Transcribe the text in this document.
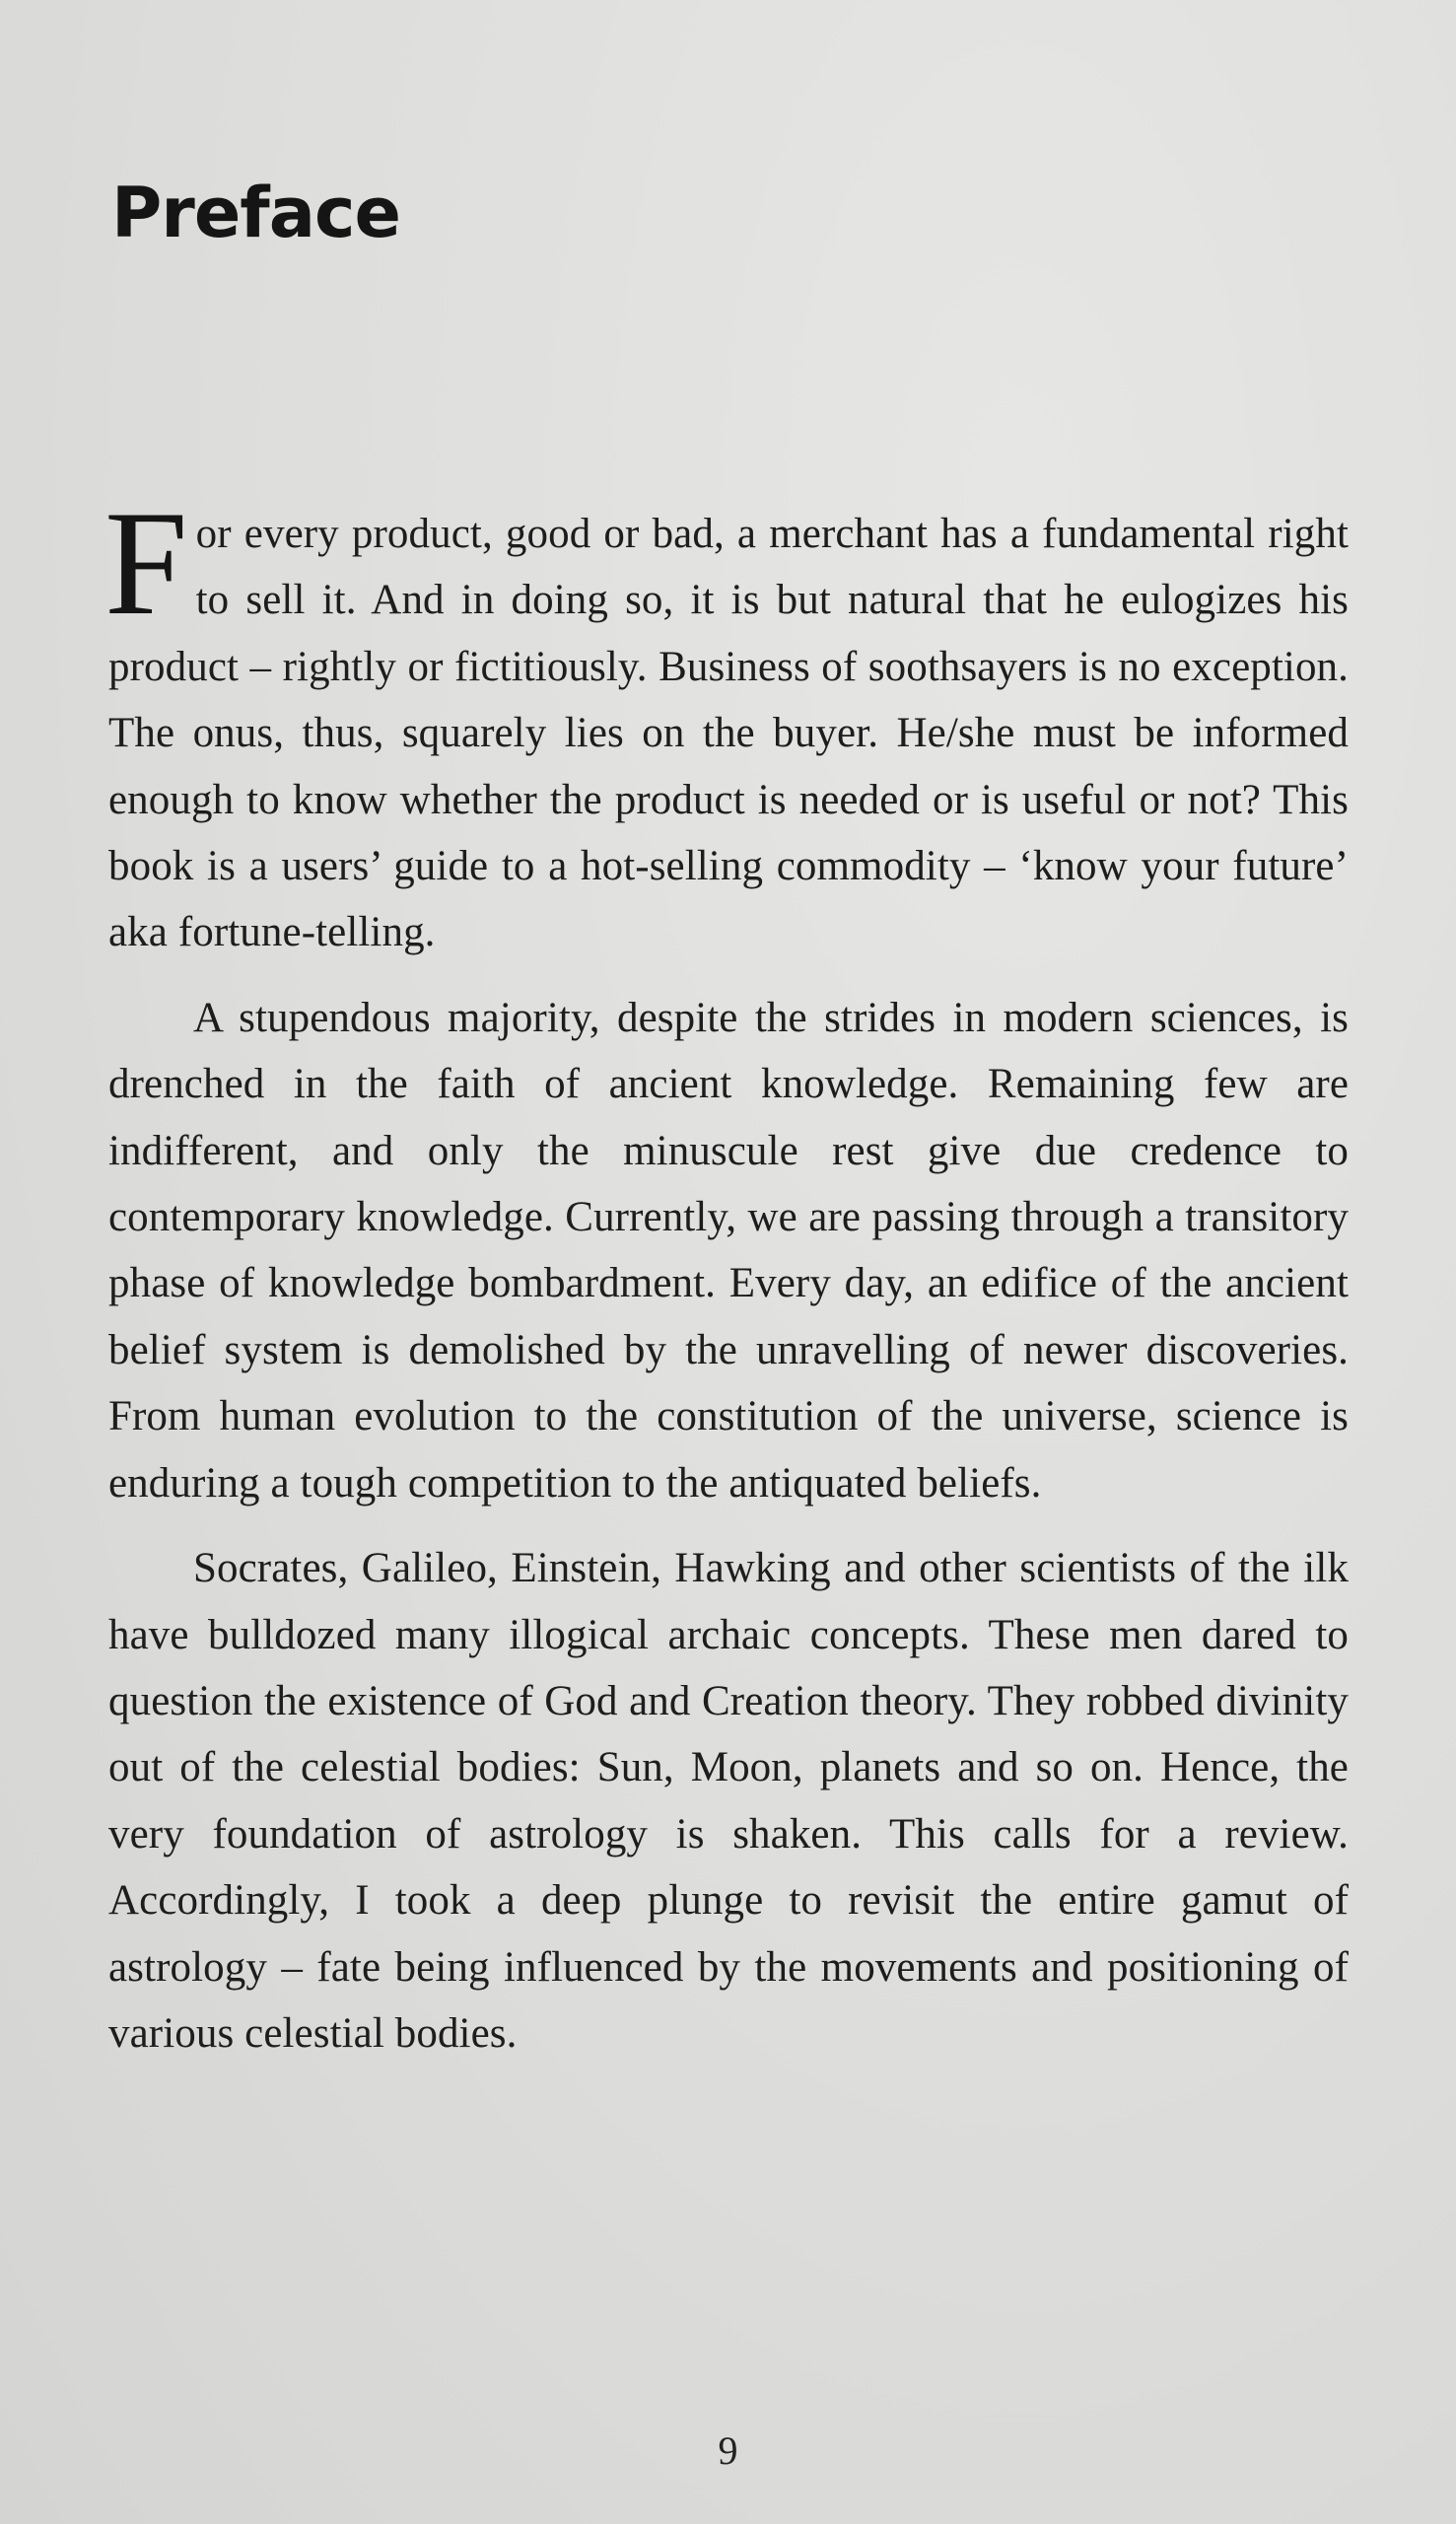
Preface

For every product, good or bad, a merchant has a fundamental right to sell it. And in doing so, it is but natural that he eulogizes his product – rightly or fictitiously. Business of soothsayers is no exception. The onus, thus, squarely lies on the buyer. He/she must be informed enough to know whether the product is needed or is useful or not? This book is a users’ guide to a hot-selling commodity – ‘know your future’ aka fortune-telling.

A stupendous majority, despite the strides in modern sciences, is drenched in the faith of ancient knowledge. Remaining few are indifferent, and only the minuscule rest give due credence to contemporary knowledge. Currently, we are passing through a transitory phase of knowledge bombardment. Every day, an edifice of the ancient belief system is demolished by the unravelling of newer discoveries. From human evolution to the constitution of the universe, science is enduring a tough competition to the antiquated beliefs.

Socrates, Galileo, Einstein, Hawking and other scientists of the ilk have bulldozed many illogical archaic concepts. These men dared to question the existence of God and Creation theory. They robbed divinity out of the celestial bodies: Sun, Moon, planets and so on. Hence, the very foundation of astrology is shaken. This calls for a review. Accordingly, I took a deep plunge to revisit the entire gamut of astrology – fate being influenced by the movements and positioning of various celestial bodies.

9
